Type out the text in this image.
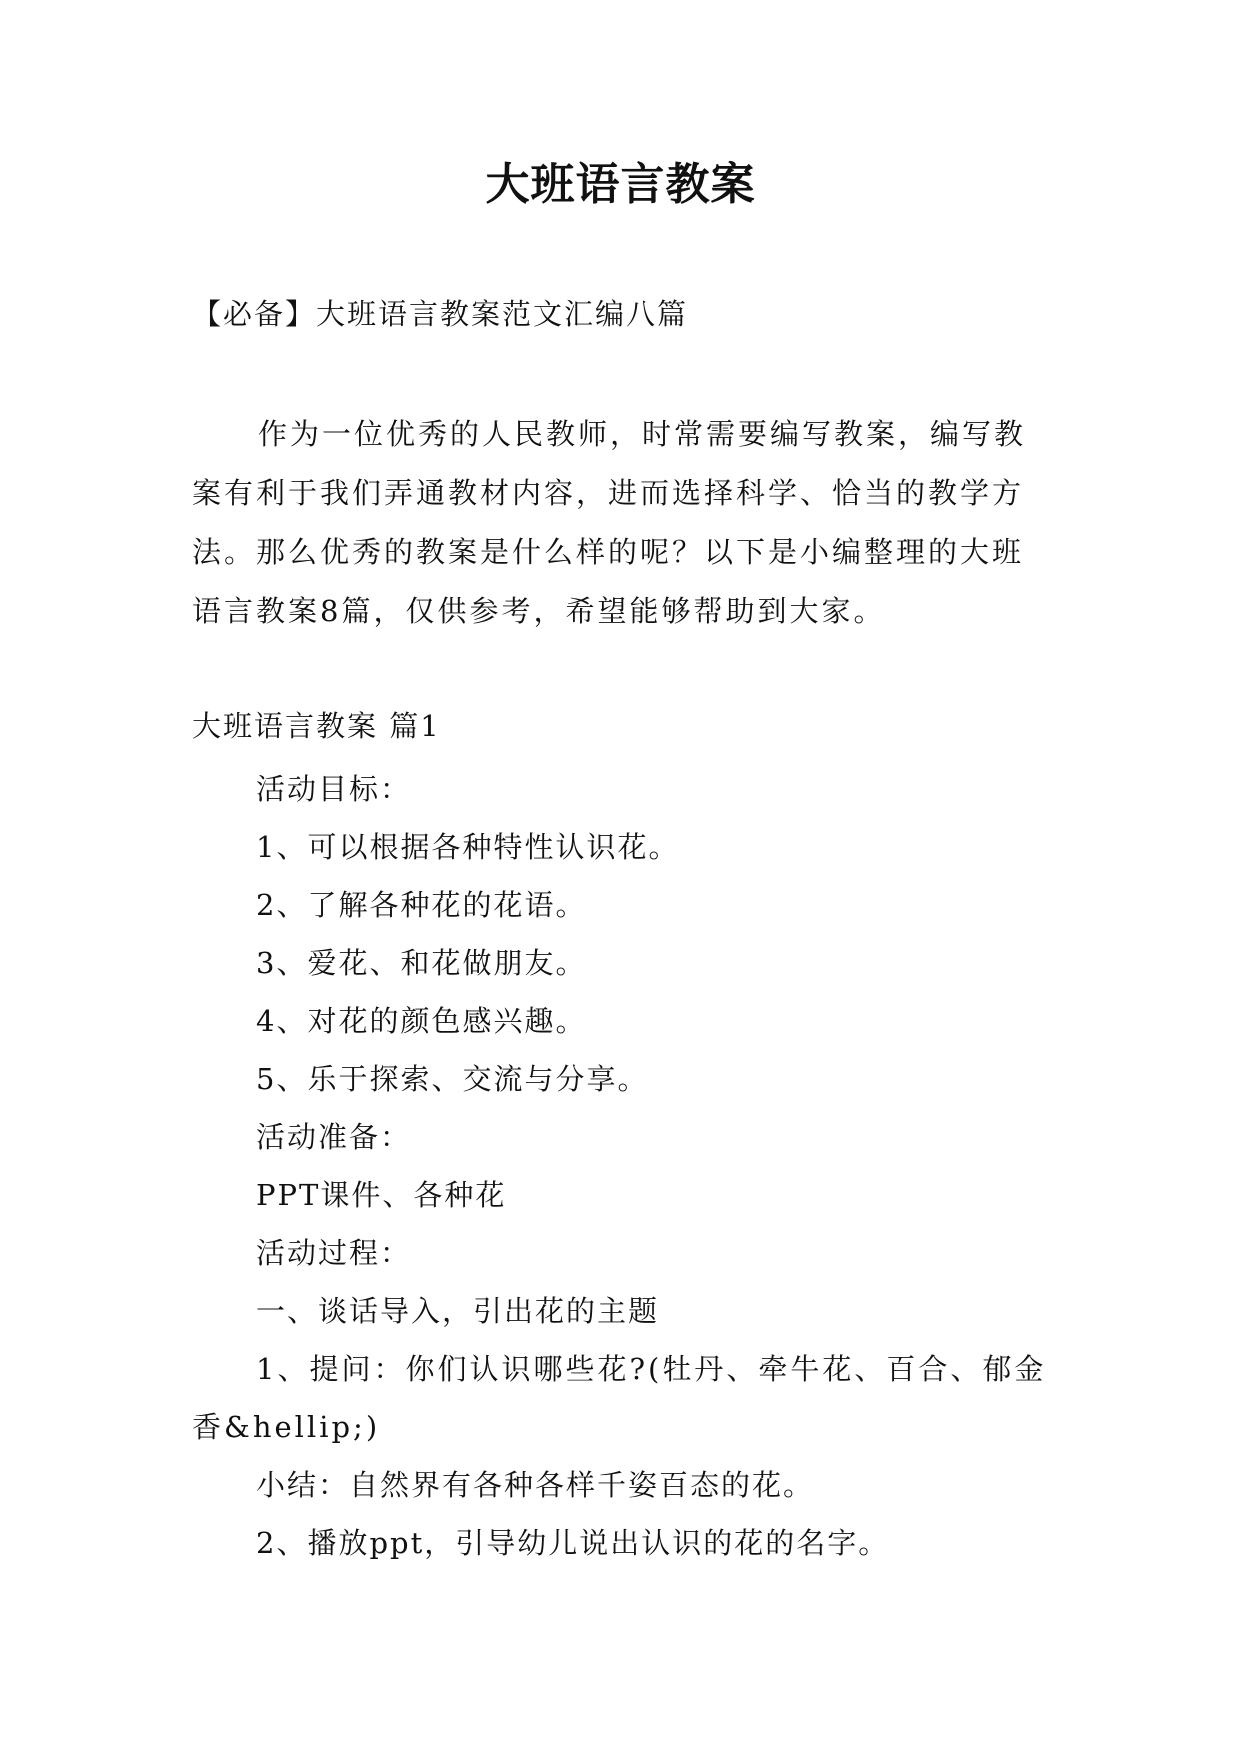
大班语言教案

【必备】大班语言教案范文汇编八篇

作为一位优秀的人民教师，时常需要编写教案，编写教案有利于我们弄通教材内容，进而选择科学、恰当的教学方法。那么优秀的教案是什么样的呢？以下是小编整理的大班语言教案8篇，仅供参考，希望能够帮助到大家。

大班语言教案 篇1

活动目标：
1、可以根据各种特性认识花。
2、了解各种花的花语。
3、爱花、和花做朋友。
4、对花的颜色感兴趣。
5、乐于探索、交流与分享。
活动准备：
PPT课件、各种花
活动过程：
一、谈话导入，引出花的主题
1、提问：你们认识哪些花?(牡丹、牵牛花、百合、郁金香&hellip;)
小结：自然界有各种各样千姿百态的花。
2、播放ppt，引导幼儿说出认识的花的名字。
